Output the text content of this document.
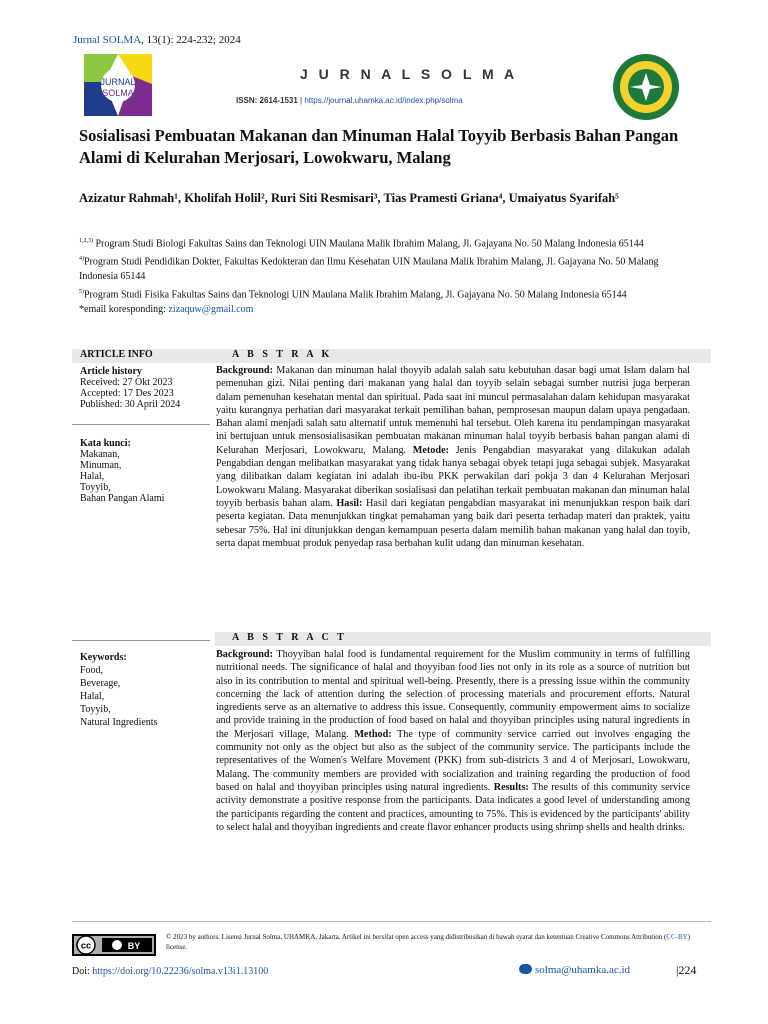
Jurnal SOLMA, 13(1): 224-232; 2024
JURNAL
SOLMA
J U R N A L S O L M A
ISSN: 2614-1531 | https://journal.uhamka.ac.id/index.php/solma
Sosialisasi Pembuatan Makanan dan Minuman Halal Toyyib Berbasis Bahan Pangan Alami di Kelurahan Merjosari, Lowokwaru, Malang
Azizatur Rahmah¹, Kholifah Holil², Ruri Siti Resmisari³, Tias Pramesti Griana⁴, Umaiyatus Syarifah⁵
$^{1,2,3)}$ Program Studi Biologi Fakultas Sains dan Teknologi UIN Maulana Malik Ibrahim Malang, Jl. Gajayana No. 50 Malang Indonesia 65144
$^{4)}$Program Studi Pendidikan Dokter, Fakultas Kedokteran dan Ilmu Kesehatan UIN Maulana Malik Ibrahim Malang, Jl. Gajayana No. 50 Malang Indonesia 65144
$^{5)}$Program Studi Fisika Fakultas Sains dan Teknologi UIN Maulana Malik Ibrahim Malang, Jl. Gajayana No. 50 Malang Indonesia 65144
*email koresponding: zizaquw@gmail.com
ARTICLE INFO	A B S T R A K
Article history
Received: 27 Okt 2023
Accepted: 17 Des 2023
Published: 30 April 2024
Kata kunci:
Makanan,
Minuman,
Halal,
Toyyib,
Bahan Pangan Alami
Background: Makanan dan minuman halal thoyyib adalah salah satu kebutuhan dasar bagi umat Islam dalam hal pemenuhan gizi. Nilai penting dari makanan yang halal dan toyyib selain sebagai sumber nutrisi juga berperan dalam pemenuhan kesehatan mental dan spiritual. Pada saat ini muncul permasalahan dalam kehidupan masyarakat yaitu kurangnya perhatian dari masyarakat terkait pemilihan bahan, pemprosesan maupun dalam upaya pengadaan. Bahan alami menjadi salah satu alternatif untuk memenuhi hal tersebut. Oleh karena itu pendampingan masyarakat ini bertujuan untuk mensosialisasikan pembuatan makanan minuman halal toyyib berbasis bahan pangan alami di Kelurahan Merjosari, Lowokwaru, Malang. Metode: Jenis Pengabdian masyarakat yang dilakukan adalah Pengabdian dengan melibatkan masyarakat yang tidak hanya sebagai obyek tetapi juga sebagai subjek. Masyarakat yang dilibatkan dalam kegiatan ini adalah ibu-ibu PKK perwakilan dari pokja 3 dan 4 Kelurahan Merjosari Lowokwaru Malang. Masyarakat diberikan sosialisasi dan pelatihan terkait pembuatan makanan dan minuman halal toyyib berbasis bahan alam. Hasil: Hasil dari kegiatan pengabdian masyarakat ini menunjukkan respon baik dari peserta kegiatan. Data menunjukkan tingkat pemahaman yang baik dari peserta terhadap materi dan praktek, yaitu sebesar 75%. Hal ini ditunjukkan dengan kemampuan peserta dalam memilih bahan makanan yang halal dan toyib, serta dapat membuat produk penyedap rasa berbahan kulit udang dan minuman kesehatan.
A B S T R A C T
Keywords:
Food,
Beverage,
Halal,
Toyyib,
Natural Ingredients
Background: Thoyyiban halal food is fundamental requirement for the Muslim community in terms of fulfilling nutritional needs. The significance of halal and thoyyiban food lies not only in its role as a source of nutrition but also in its contribution to mental and spiritual well-being. Presently, there is a pressing issue within the community concerning the lack of attention during the selection of processing materials and procurement efforts. Natural ingredients serve as an alternative to address this issue. Consequently, community empowerment aims to socialize and provide training in the production of food based on halal and thoyyiban principles using natural ingredients in the Merjosari village, Malang. Method: The type of community service carried out involves engaging the community not only as the object but also as the subject of the community service. The participants include the representatives of the Women's Welfare Movement (PKK) from sub-districts 3 and 4 of Merjosari, Lowokwaru, Malang. The community members are provided with socialization and training regarding the production of food based on halal and thoyyiban principles using natural ingredients. Results: The results of this community service activity demonstrate a positive response from the participants. Data indicates a good level of understanding among the participants regarding the content and practices, amounting to 75%. This is evidenced by the participants' ability to select halal and thoyyiban ingredients and create flavor enhancer products using shrimp shells and health drinks.
cc	BY
© 2023 by authors. Lisensi Jurnal Solma, UHAMKA, Jakarta. Artikel ini bersifat open access yang didistribusikan di bawah syarat dan ketentuan Creative Commons Attribution (CC-BY) license.
Doi: https://doi.org/10.22236/solma.v13i1.13100	solma@uhamka.ac.id	|224
